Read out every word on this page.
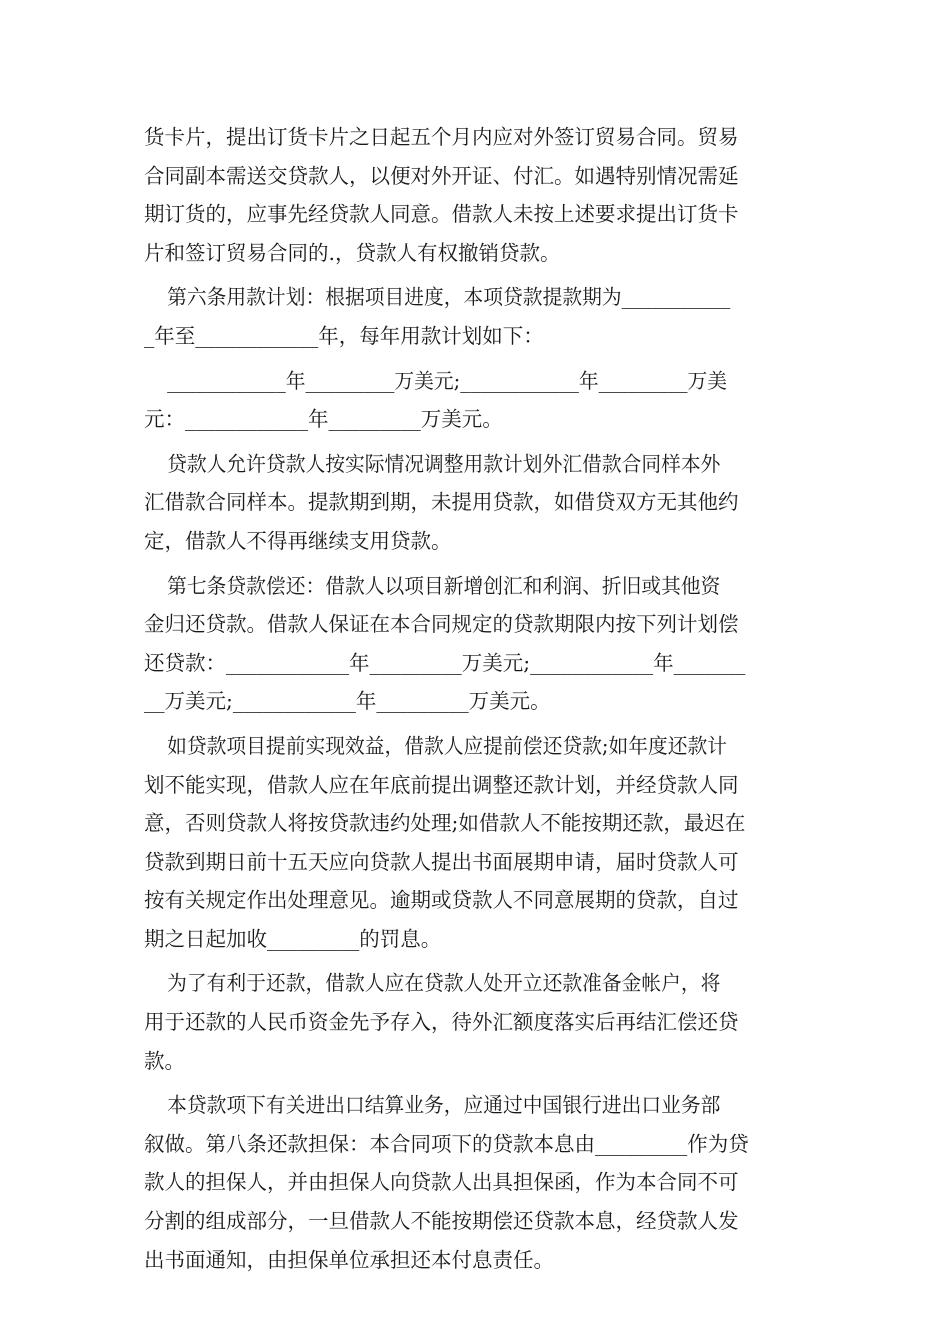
货卡片，提出订货卡片之日起五个月内应对外签订贸易合同。贸易
合同副本需送交贷款人，以便对外开证、付汇。如遇特别情况需延
期订货的，应事先经贷款人同意。借款人未按上述要求提出订货卡
片和签订贸易合同的.，贷款人有权撤销贷款。

第六条用款计划：根据项目进度，本项贷款提款期为___________
_年至____________年，每年用款计划如下：

____________年_________万美元;____________年_________万美
元：____________年_________万美元。

贷款人允许贷款人按实际情况调整用款计划外汇借款合同样本外
汇借款合同样本。提款期到期，未提用贷款，如借贷双方无其他约
定，借款人不得再继续支用贷款。

第七条贷款偿还：借款人以项目新增创汇和利润、折旧或其他资
金归还贷款。借款人保证在本合同规定的贷款期限内按下列计划偿
还贷款：____________年_________万美元;____________年_______
__万美元;____________年_________万美元。

如贷款项目提前实现效益，借款人应提前偿还贷款;如年度还款计
划不能实现，借款人应在年底前提出调整还款计划，并经贷款人同
意，否则贷款人将按贷款违约处理;如借款人不能按期还款，最迟在
贷款到期日前十五天应向贷款人提出书面展期申请，届时贷款人可
按有关规定作出处理意见。逾期或贷款人不同意展期的贷款，自过
期之日起加收_________的罚息。

为了有利于还款，借款人应在贷款人处开立还款准备金帐户，将
用于还款的人民币资金先予存入，待外汇额度落实后再结汇偿还贷
款。

本贷款项下有关进出口结算业务，应通过中国银行进出口业务部
叙做。第八条还款担保：本合同项下的贷款本息由_________作为贷
款人的担保人，并由担保人向贷款人出具担保函，作为本合同不可
分割的组成部分，一旦借款人不能按期偿还贷款本息，经贷款人发
出书面通知，由担保单位承担还本付息责任。
